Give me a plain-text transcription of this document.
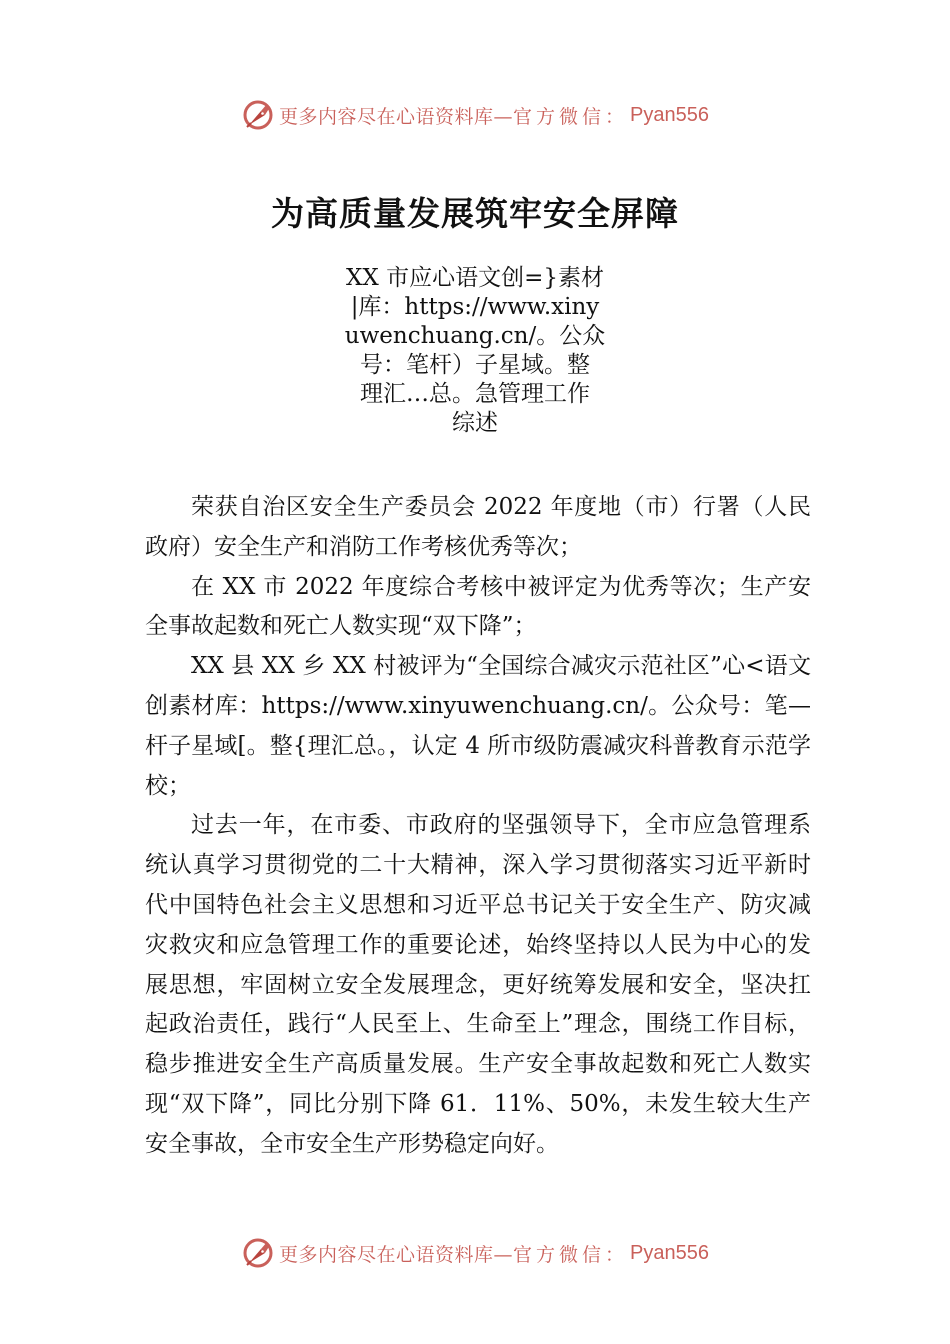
更多内容尽在心语资料库— 官方微信： Pyan556
为高质量发展筑牢安全屏障
XX 市应心语文创=}素材
|库：https://www.xiny
uwenchuang.cn/。公众
号：笔杆）子星域。整
理汇…总。急管理工作
综述

荣获自治区安全生产委员会 2022 年度地（市）行署（人民政府）安全生产和消防工作考核优秀等次；

在 XX 市 2022 年度综合考核中被评定为优秀等次；生产安全事故起数和死亡人数实现“双下降”；

XX 县 XX 乡 XX 村被评为“全国综合减灾示范社区”心<语文创素材库：https://www.xinyuwenchuang.cn/。公众号：笔—杆子星域[。整{理汇总。，认定 4 所市级防震减灾科普教育示范学校；

过去一年，在市委、市政府的坚强领导下，全市应急管理系统认真学习贯彻党的二十大精神，深入学习贯彻落实习近平新时代中国特色社会主义思想和习近平总书记关于安全生产、防灾减灾救灾和应急管理工作的重要论述，始终坚持以人民为中心的发展思想，牢固树立安全发展理念，更好统筹发展和安全，坚决扛起政治责任，践行“人民至上、生命至上”理念，围绕工作目标，稳步推进安全生产高质量发展。生产安全事故起数和死亡人数实现“双下降”，同比分别下降 61．11%、50%，未发生较大生产安全事故，全市安全生产形势稳定向好。

更多内容尽在心语资料库— 官方微信： Pyan556
